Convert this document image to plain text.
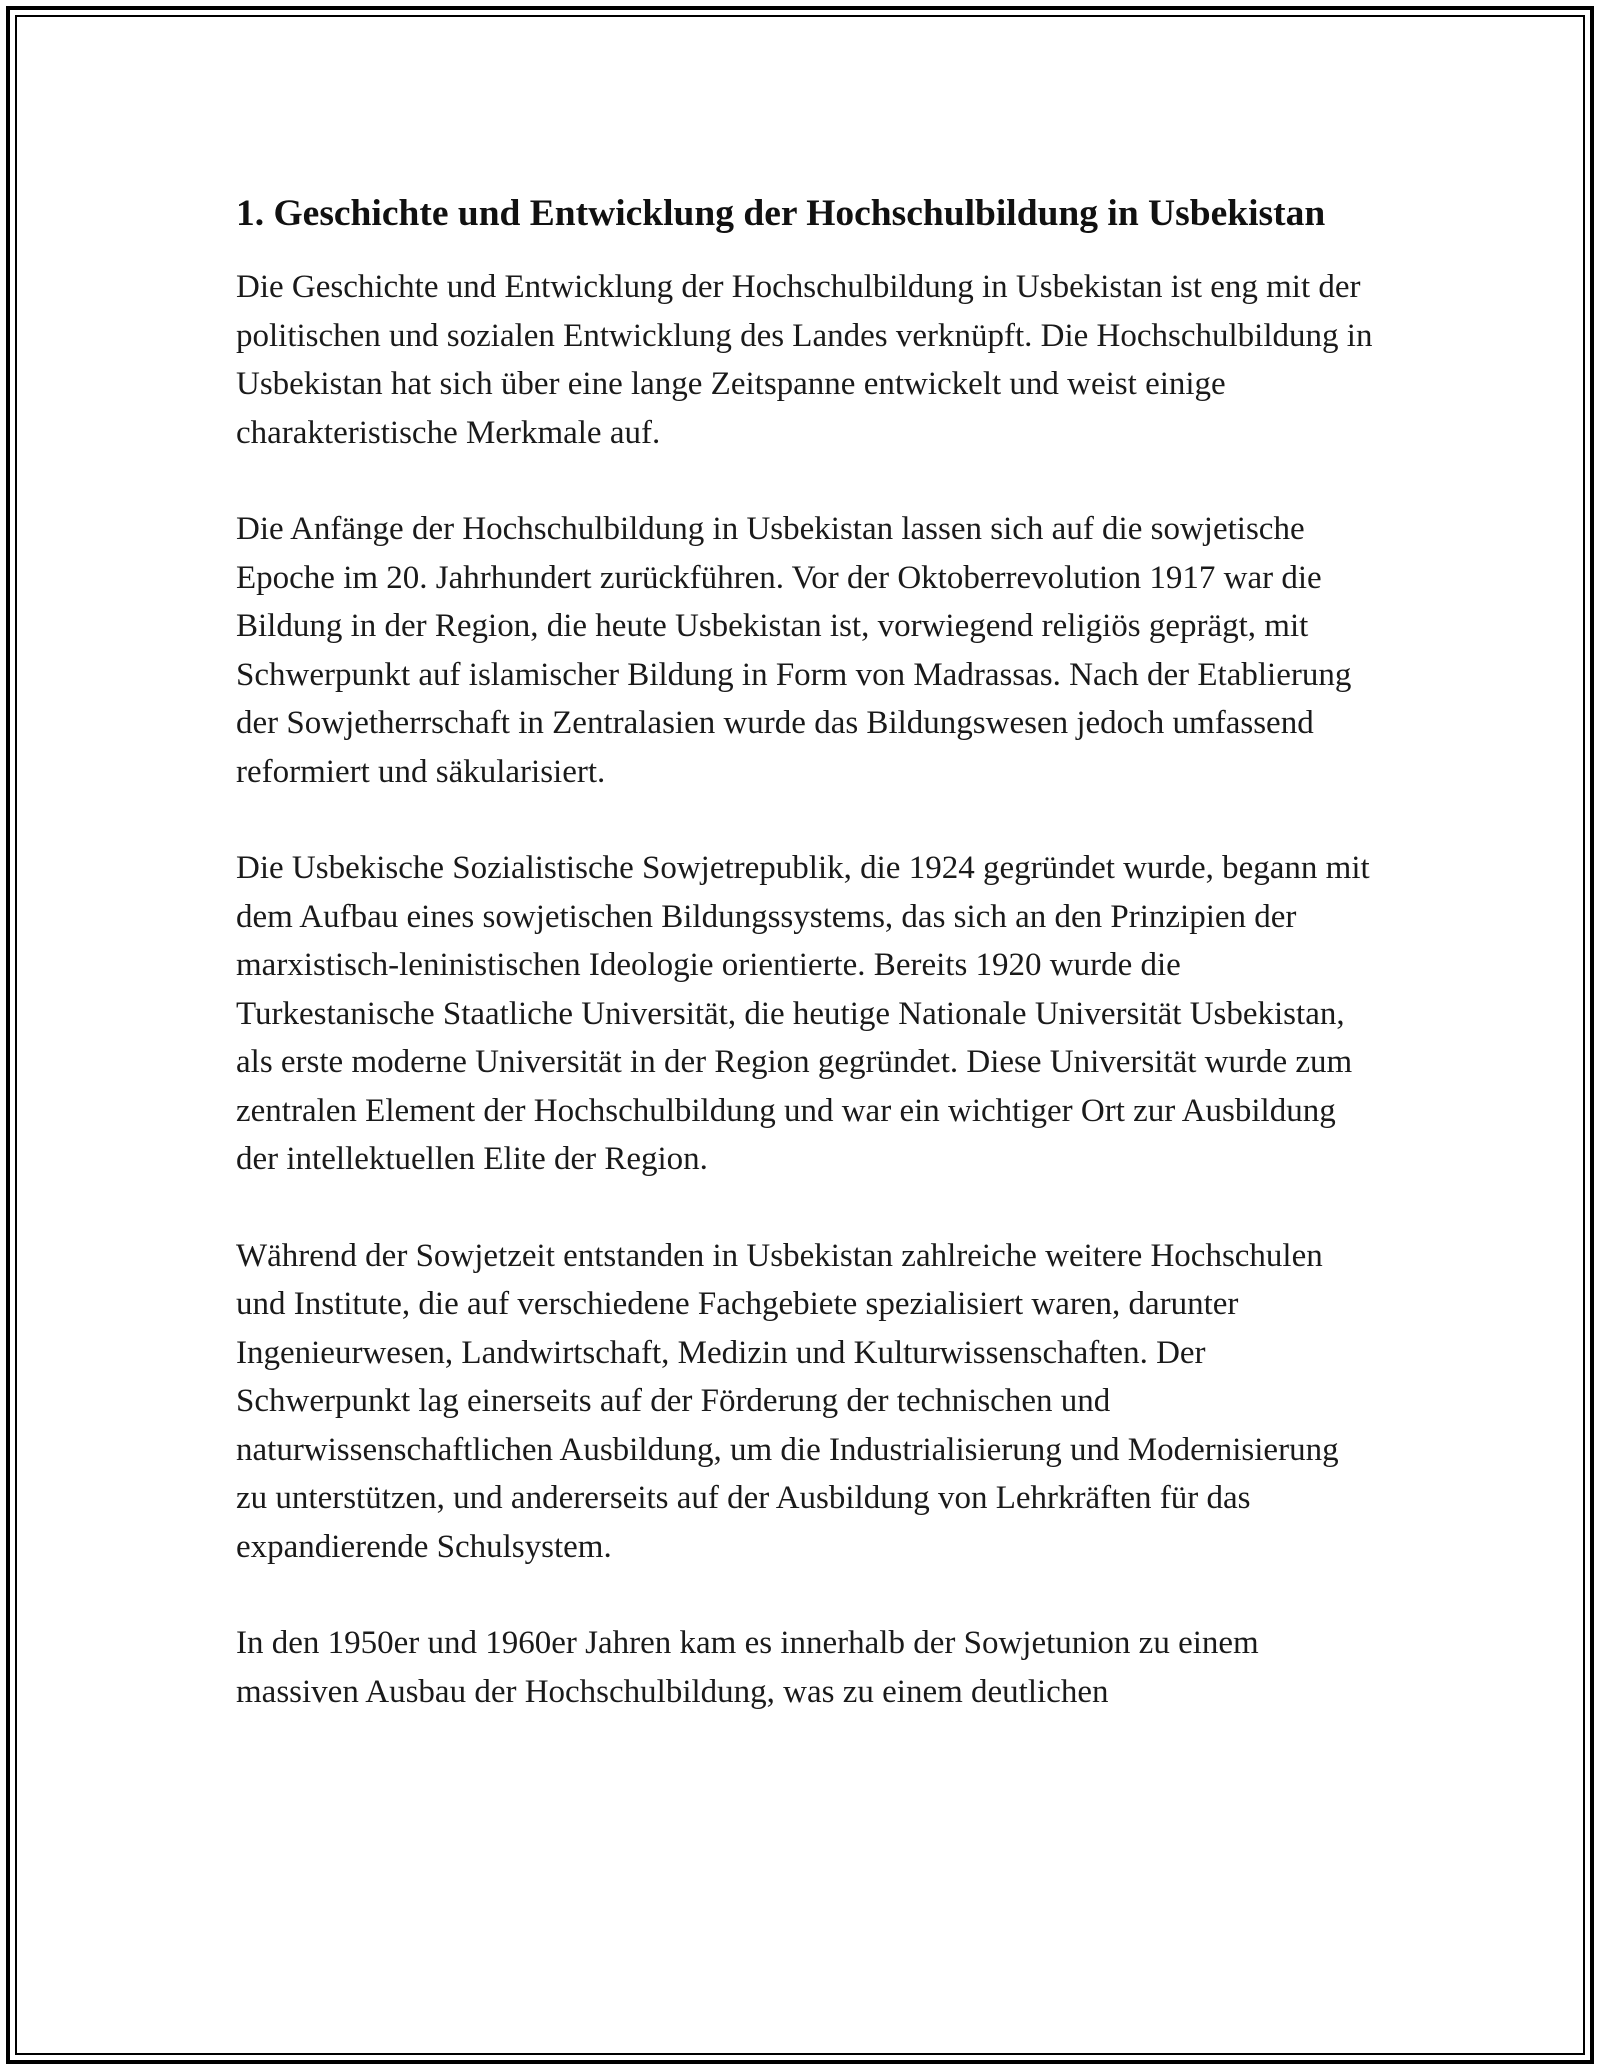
1. Geschichte und Entwicklung der Hochschulbildung in Usbekistan

Die Geschichte und Entwicklung der Hochschulbildung in Usbekistan ist eng mit der politischen und sozialen Entwicklung des Landes verknüpft. Die Hochschulbildung in Usbekistan hat sich über eine lange Zeitspanne entwickelt und weist einige charakteristische Merkmale auf.

Die Anfänge der Hochschulbildung in Usbekistan lassen sich auf die sowjetische Epoche im 20. Jahrhundert zurückführen. Vor der Oktoberrevolution 1917 war die Bildung in der Region, die heute Usbekistan ist, vorwiegend religiös geprägt, mit Schwerpunkt auf islamischer Bildung in Form von Madrassas. Nach der Etablierung der Sowjetherrschaft in Zentralasien wurde das Bildungswesen jedoch umfassend reformiert und säkularisiert.

Die Usbekische Sozialistische Sowjetrepublik, die 1924 gegründet wurde, begann mit dem Aufbau eines sowjetischen Bildungssystems, das sich an den Prinzipien der marxistisch-leninistischen Ideologie orientierte. Bereits 1920 wurde die Turkestanische Staatliche Universität, die heutige Nationale Universität Usbekistan, als erste moderne Universität in der Region gegründet. Diese Universität wurde zum zentralen Element der Hochschulbildung und war ein wichtiger Ort zur Ausbildung der intellektuellen Elite der Region.

Während der Sowjetzeit entstanden in Usbekistan zahlreiche weitere Hochschulen und Institute, die auf verschiedene Fachgebiete spezialisiert waren, darunter Ingenieurwesen, Landwirtschaft, Medizin und Kulturwissenschaften. Der Schwerpunkt lag einerseits auf der Förderung der technischen und naturwissenschaftlichen Ausbildung, um die Industrialisierung und Modernisierung zu unterstützen, und andererseits auf der Ausbildung von Lehrkräften für das expandierende Schulsystem.

In den 1950er und 1960er Jahren kam es innerhalb der Sowjetunion zu einem massiven Ausbau der Hochschulbildung, was zu einem deutlichen
